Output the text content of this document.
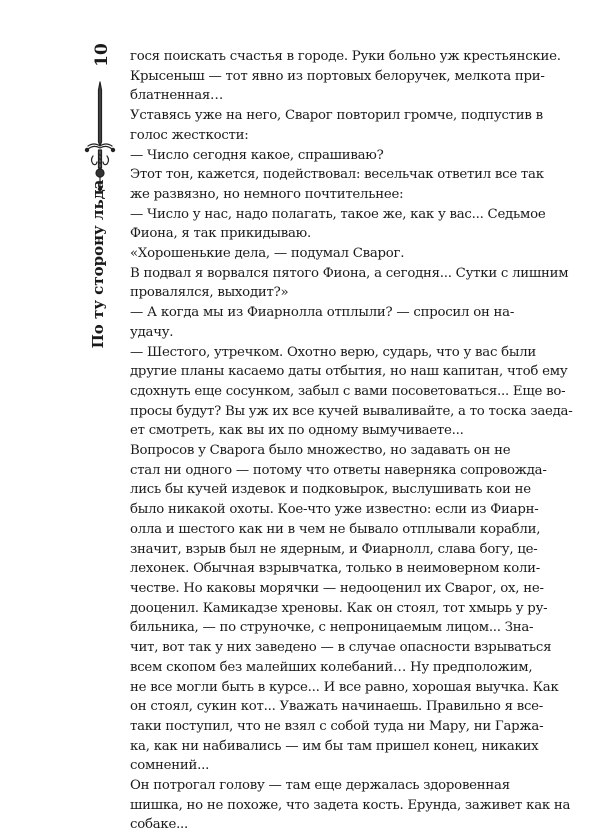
10
По ту сторону льда

гося поискать счастья в городе. Руки больно уж крестьянские.

Крысеныш — тот явно из портовых белоручек, мелкота при-

блатненная…

Уставясь уже на него, Сварог повторил громче, подпустив в

голос жесткости:

— Число сегодня какое, спрашиваю?

Этот тон, кажется, подействовал: весельчак ответил все так

же развязно, но немного почтительнее:

— Число у нас, надо полагать, такое же, как у вас... Седьмое

Фиона, я так прикидываю.

«Хорошенькие дела, — подумал Сварог.

В подвал я ворвался пятого Фиона, а сегодня... Сутки с лишним

провалялся, выходит?»

— А когда мы из Фиарнолла отплыли? — спросил он на-

удачу.

— Шестого, утречком. Охотно верю, сударь, что у вас были

другие планы касаемо даты отбытия, но наш капитан, чтоб ему

сдохнуть еще сосунком, забыл с вами посоветоваться... Еще во-

просы будут? Вы уж их все кучей вываливайте, а то тоска заеда-

ет смотреть, как вы их по одному вымучиваете...

Вопросов у Сварога было множество, но задавать он не

стал ни одного — потому что ответы наверняка сопровожда-

лись бы кучей издевок и подковырок, выслушивать кои не

было никакой охоты. Кое-что уже известно: если из Фиарн-

олла и шестого как ни в чем не бывало отплывали корабли,

значит, взрыв был не ядерным, и Фиарнолл, слава богу, це-

лехонек. Обычная взрывчатка, только в неимоверном коли-

честве. Но каковы морячки — недооценил их Сварог, ох, не-

дооценил. Камикадзе хреновы. Как он стоял, тот хмырь у ру-

бильника, — по струночке, с непроницаемым лицом... Зна-

чит, вот так у них заведено — в случае опасности взрываться

всем скопом без малейших колебаний… Ну предположим,

не все могли быть в курсе... И все равно, хорошая выучка. Как

он стоял, сукин кот... Уважать начинаешь. Правильно я все-

таки поступил, что не взял с собой туда ни Мару, ни Гаржа-

ка, как ни набивались — им бы там пришел конец, никаких

сомнений...

Он потрогал голову — там еще держалась здоровенная

шишка, но не похоже, что задета кость. Ерунда, заживет как на

собаке...
